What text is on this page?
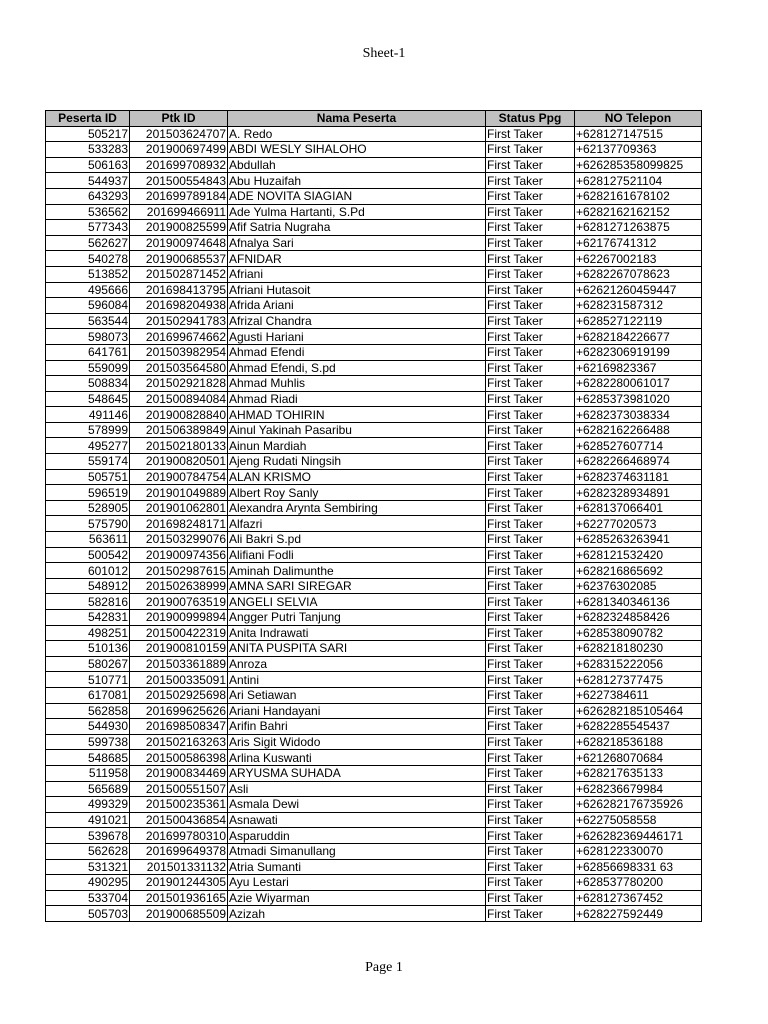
Sheet-1
Peserta ID	Ptk ID	Nama Peserta	Status Ppg	NO Telepon
505217	201503624707	A. Redo	First Taker	+628127147515
533283	201900697499	ABDI WESLY SIHALOHO	First Taker	+62137709363
506163	201699708932	Abdullah	First Taker	+626285358099825
544937	201500554843	Abu Huzaifah	First Taker	+628127521104
643293	201699789184	ADE NOVITA SIAGIAN	First Taker	+6282161678102
536562	201699466911	Ade Yulma Hartanti, S.Pd	First Taker	+6282162162152
577343	201900825599	Afif Satria Nugraha	First Taker	+6281271263875
562627	201900974648	Afnalya Sari	First Taker	+62176741312
540278	201900685537	AFNIDAR	First Taker	+62267002183
513852	201502871452	Afriani	First Taker	+6282267078623
495666	201698413795	Afriani Hutasoit	First Taker	+62621260459447
596084	201698204938	Afrida Ariani	First Taker	+628231587312
563544	201502941783	Afrizal Chandra	First Taker	+628527122119
598073	201699674662	Agusti Hariani	First Taker	+6282184226677
641761	201503982954	Ahmad Efendi	First Taker	+6282306919199
559099	201503564580	Ahmad Efendi, S.pd	First Taker	+62169823367
508834	201502921828	Ahmad Muhlis	First Taker	+6282280061017
548645	201500894084	Ahmad Riadi	First Taker	+6285373981020
491146	201900828840	AHMAD TOHIRIN	First Taker	+6282373038334
578999	201506389849	Ainul Yakinah Pasaribu	First Taker	+6282162266488
495277	201502180133	Ainun Mardiah	First Taker	+628527607714
559174	201900820501	Ajeng Rudati Ningsih	First Taker	+6282266468974
505751	201900784754	ALAN KRISMO	First Taker	+6282374631181
596519	201901049889	Albert Roy Sanly	First Taker	+6282328934891
528905	201901062801	Alexandra Arynta Sembiring	First Taker	+628137066401
575790	201698248171	Alfazri	First Taker	+62277020573
563611	201503299076	Ali Bakri S.pd	First Taker	+6285263263941
500542	201900974356	Alifiani Fodli	First Taker	+628121532420
601012	201502987615	Aminah Dalimunthe	First Taker	+628216865692
548912	201502638999	AMNA SARI SIREGAR	First Taker	+62376302085
582816	201900763519	ANGELI SELVIA	First Taker	+6281340346136
542831	201900999894	Angger Putri Tanjung	First Taker	+6282324858426
498251	201500422319	Anita Indrawati	First Taker	+628538090782
510136	201900810159	ANITA PUSPITA SARI	First Taker	+628218180230
580267	201503361889	Anroza	First Taker	+628315222056
510771	201500335091	Antini	First Taker	+628127377475
617081	201502925698	Ari Setiawan	First Taker	+6227384611
562858	201699625626	Ariani Handayani	First Taker	+626282185105464
544930	201698508347	Arifin Bahri	First Taker	+6282285545437
599738	201502163263	Aris Sigit Widodo	First Taker	+628218536188
548685	201500586398	Arlina Kuswanti	First Taker	+621268070684
511958	201900834469	ARYUSMA SUHADA	First Taker	+628217635133
565689	201500551507	Asli	First Taker	+628236679984
499329	201500235361	Asmala Dewi	First Taker	+626282176735926
491021	201500436854	Asnawati	First Taker	+62275058558
539678	201699780310	Asparuddin	First Taker	+626282369446171
562628	201699649378	Atmadi Simanullang	First Taker	+628122330070
531321	201501331132	Atria Sumanti	First Taker	+62856698331 63
490295	201901244305	Ayu Lestari	First Taker	+628537780200
533704	201501936165	Azie Wiyarman	First Taker	+628127367452
505703	201900685509	Azizah	First Taker	+628227592449
Page 1
